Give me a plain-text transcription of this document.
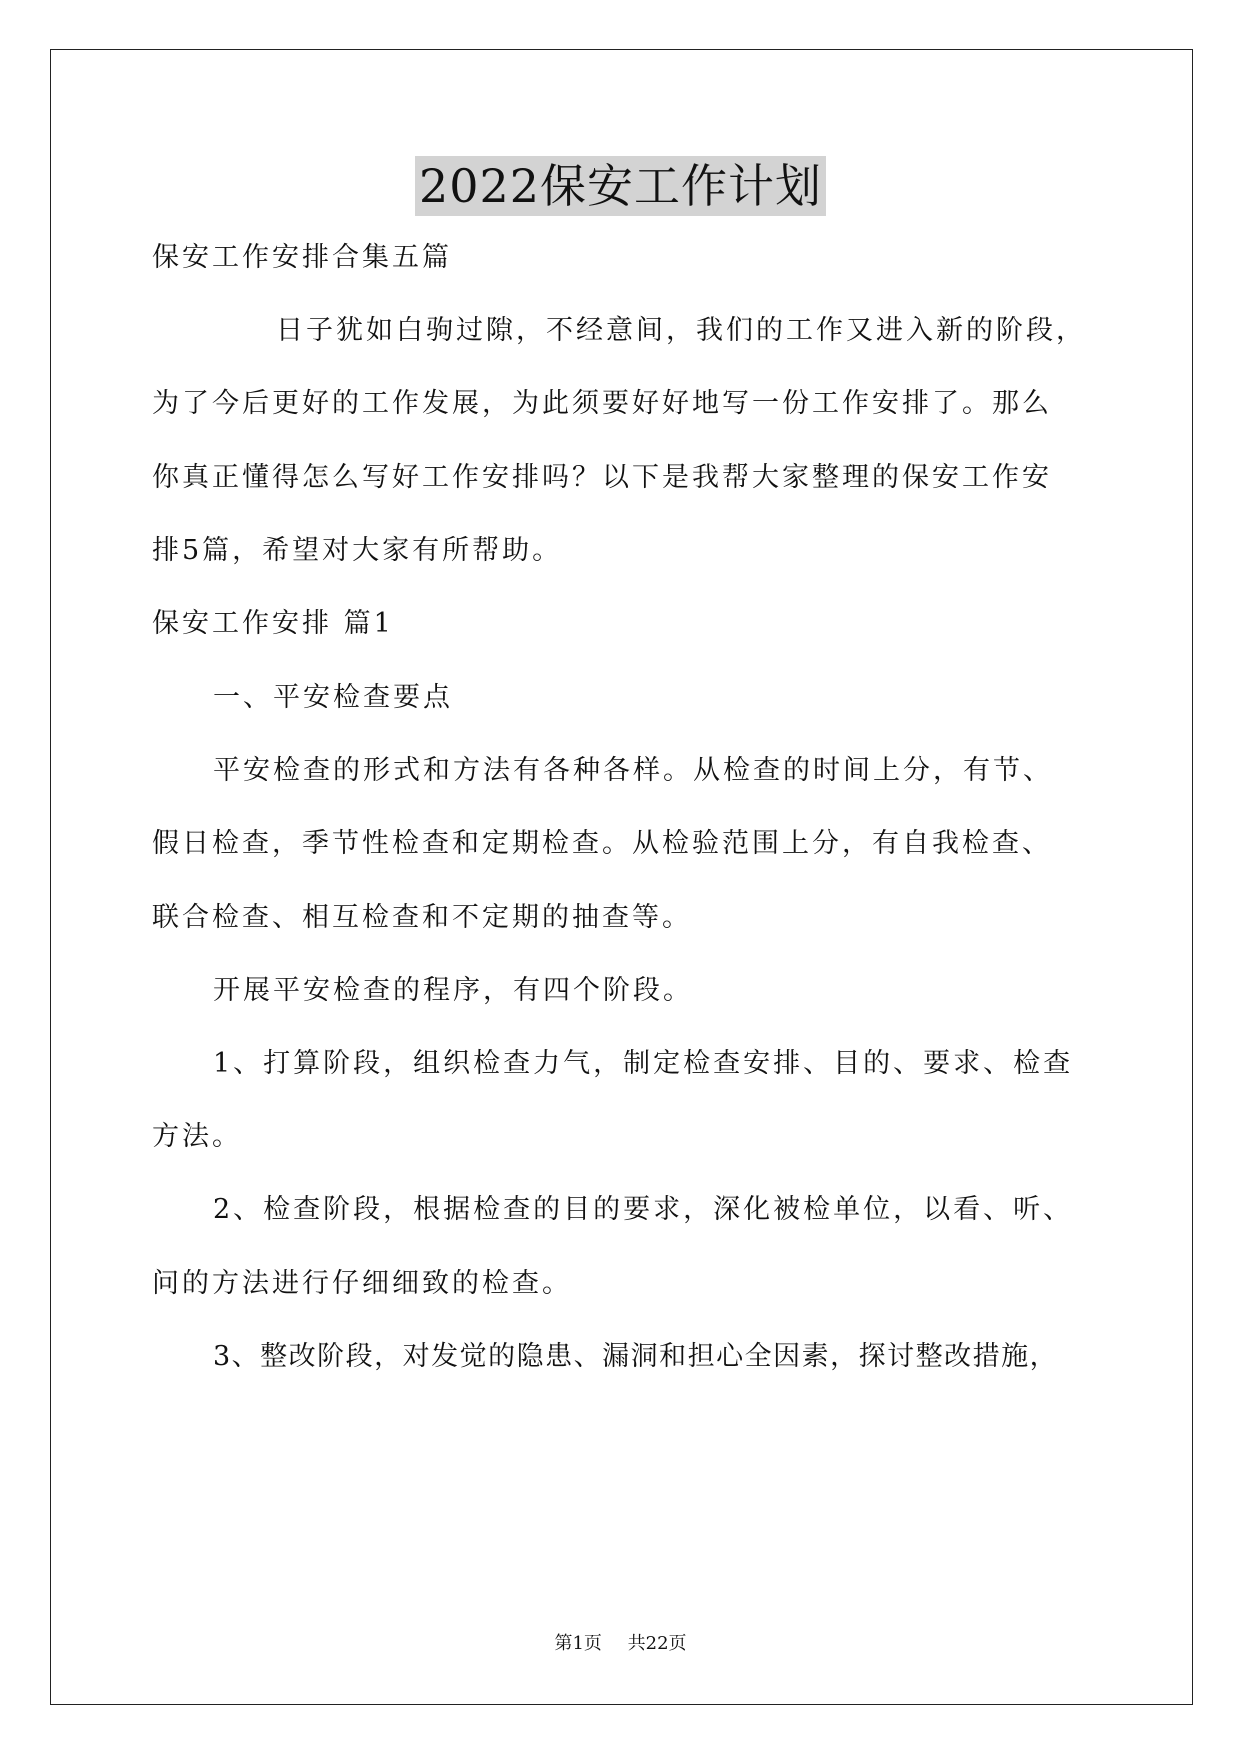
2022保安工作计划
保安工作安排合集五篇
日子犹如白驹过隙，不经意间，我们的工作又进入新的阶段，
为了今后更好的工作发展，为此须要好好地写一份工作安排了。那么
你真正懂得怎么写好工作安排吗？以下是我帮大家整理的保安工作安
排5篇，希望对大家有所帮助。
保安工作安排 篇1
一、平安检查要点
平安检查的形式和方法有各种各样。从检查的时间上分，有节、
假日检查，季节性检查和定期检查。从检验范围上分，有自我检查、
联合检查、相互检查和不定期的抽查等。
开展平安检查的程序，有四个阶段。
1、打算阶段，组织检查力气，制定检查安排、目的、要求、检查
方法。
2、检查阶段，根据检查的目的要求，深化被检单位，以看、听、
问的方法进行仔细细致的检查。
3、整改阶段，对发觉的隐患、漏洞和担心全因素，探讨整改措施，
第1页 共22页
